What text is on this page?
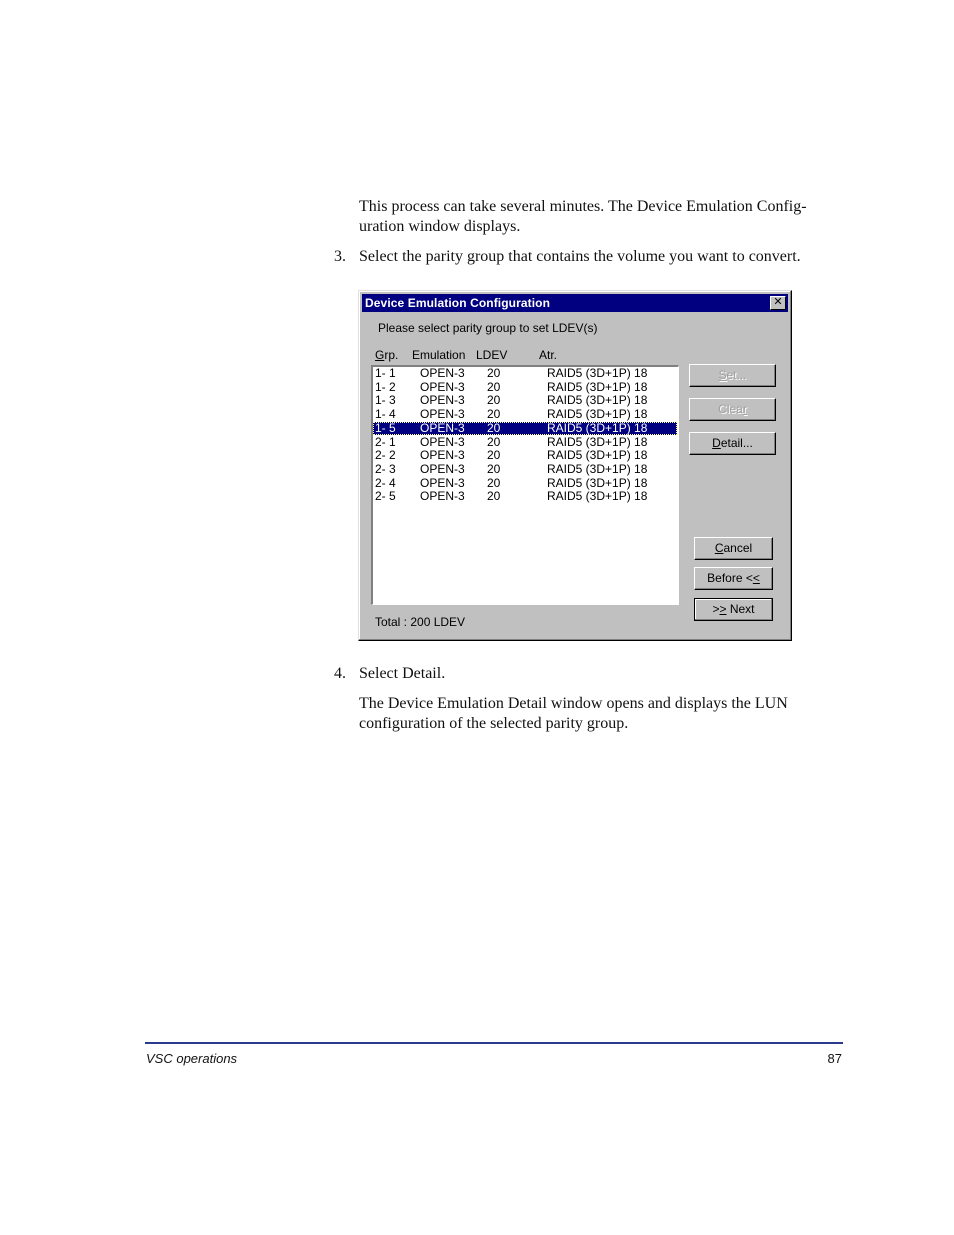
This process can take several minutes. The Device Emulation Config-
uration window displays.
3. Select the parity group that contains the volume you want to convert.
Device Emulation Configuration	✕
Please select parity group to set LDEV(s)
Grp. Emulation LDEV	Atr.
1- 1 OPEN-3 20	RAID5 (3D+1P) 18
1- 2 OPEN-3 20	RAID5 (3D+1P) 18
1- 3 OPEN-3 20	RAID5 (3D+1P) 18
1- 4 OPEN-3 20	RAID5 (3D+1P) 18
1- 5 OPEN-3 20	RAID5 (3D+1P) 18
2- 1 OPEN-3 20	RAID5 (3D+1P) 18
2- 2 OPEN-3 20	RAID5 (3D+1P) 18
2- 3 OPEN-3 20	RAID5 (3D+1P) 18
2- 4 OPEN-3 20	RAID5 (3D+1P) 18
2- 5 OPEN-3 20	RAID5 (3D+1P) 18
Set...
Clear
Detail...
Cancel
Before <<
>> Next
Total : 200 LDEV
4. Select Detail.
The Device Emulation Detail window opens and displays the LUN
configuration of the selected parity group.
VSC operations	87
